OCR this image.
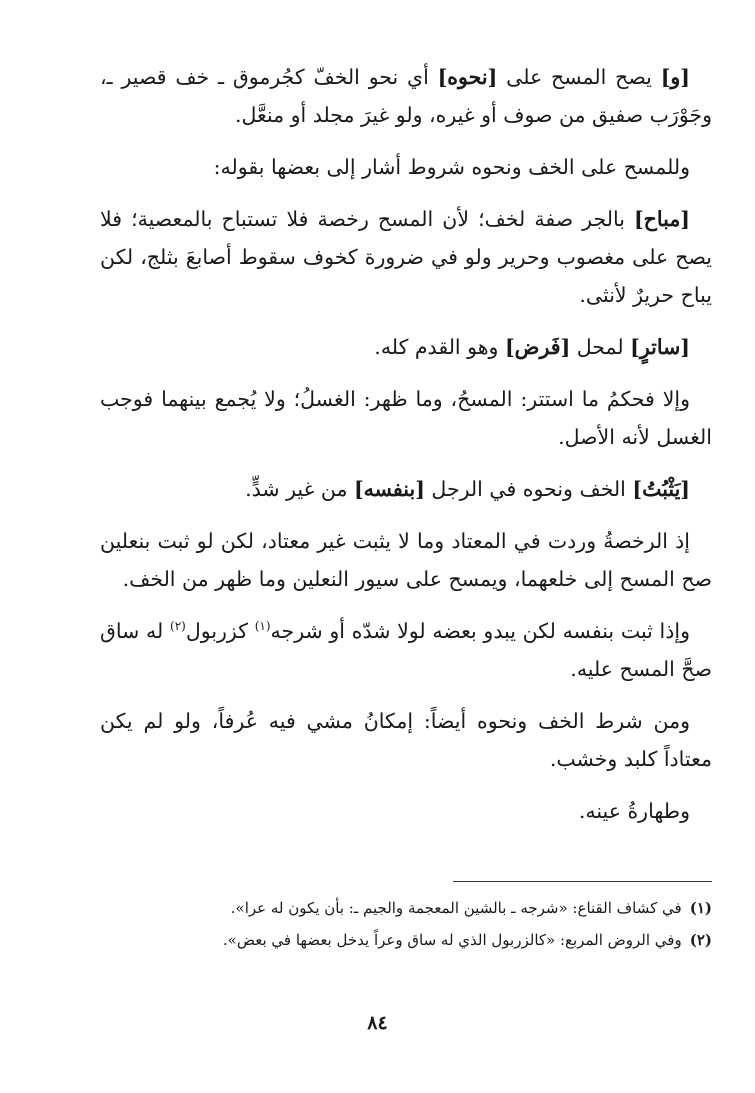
[و] يصح المسح على [نحوه] أي نحو الخفّ كجُرموق ـ خف قصير ـ، وجَوْرَب صفيق من صوف أو غيره، ولو غيرَ مجلد أو منعَّل.

وللمسح على الخف ونحوه شروط أشار إلى بعضها بقوله:

[مباح] بالجر صفة لخف؛ لأن المسح رخصة فلا تستباح بالمعصية؛ فلا يصح على مغصوب وحرير ولو في ضرورة كخوف سقوط أصابعَ بثلج، لكن يباح حريرٌ لأنثى.

[ساترٍ] لمحل [فَرض] وهو القدم كله.

وإلا فحكمُ ما استتر: المسحُ، وما ظهر: الغسلُ؛ ولا يُجمع بينهما فوجب الغسل لأنه الأصل.

[يَثْبُتُ] الخف ونحوه في الرجل [بنفسه] من غير شدٍّ.

إذ الرخصةُ وردت في المعتاد وما لا يثبت غير معتاد، لكن لو ثبت بنعلين صح المسح إلى خلعهما، ويمسح على سيور النعلين وما ظهر من الخف.

وإذا ثبت بنفسه لكن يبدو بعضه لولا شدّه أو شرجه$^{(١)}$ كزربول$^{(٢)}$ له ساق صحَّ المسح عليه.

ومن شرط الخف ونحوه أيضاً: إمكانُ مشي فيه عُرفاً، ولو لم يكن معتاداً كلبد وخشب.

وطهارةُ عينه.

(١)في كشاف القناع: «شرجه ـ بالشين المعجمة والجيم ـ: بأن يكون له عرا».
(٢)وفي الروض المربع: «كالزربول الذي له ساق وعراً يدخل بعضها في بعض».
٨٤
